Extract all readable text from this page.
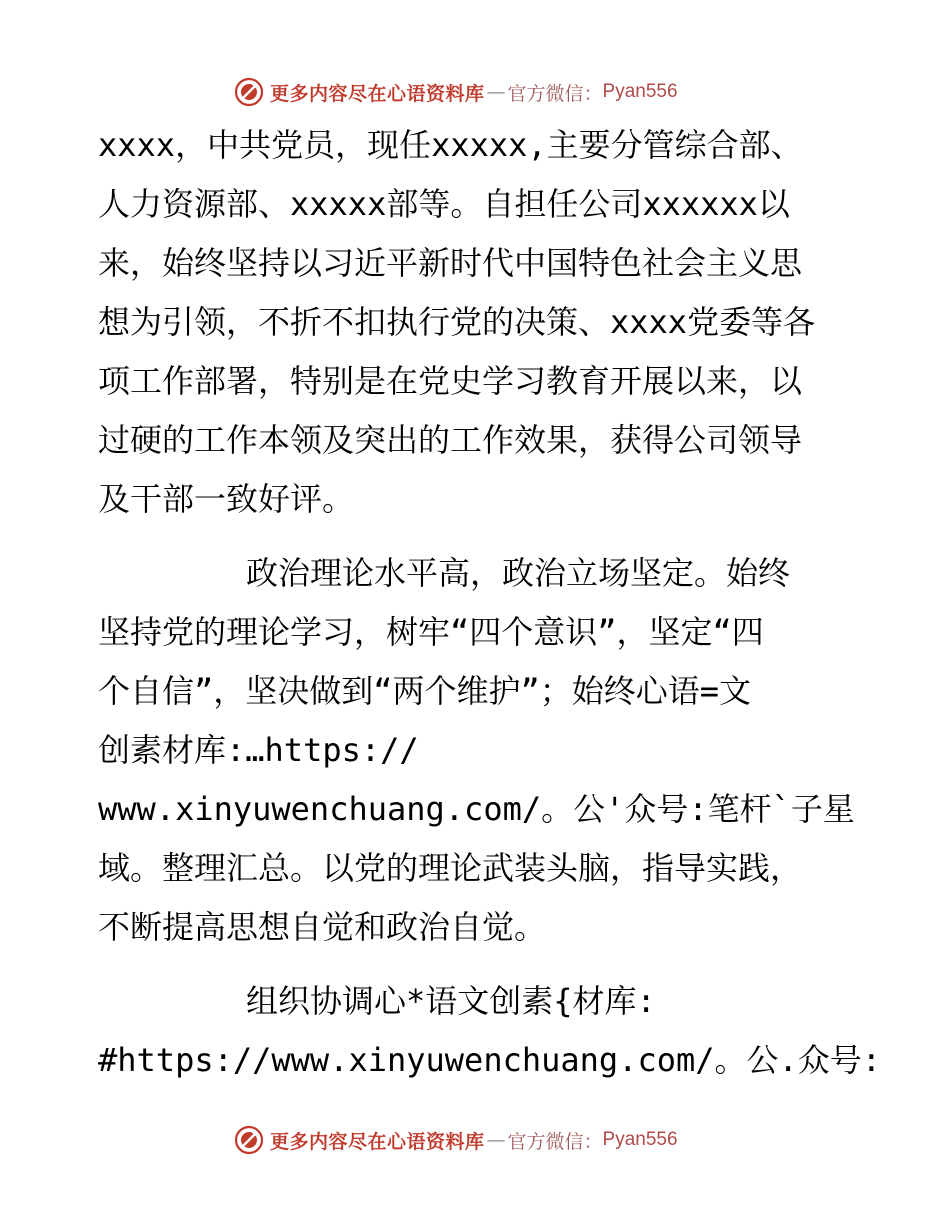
更多内容尽在心语资料库 — 官方微信： Pyan556
xxxx，中共党员，现任xxxxx,主要分管综合部、
人力资源部、xxxxx部等。自担任公司xxxxxx以
来，始终坚持以习近平新时代中国特色社会主义思
想为引领，不折不扣执行党的决策、xxxx党委等各
项工作部署，特别是在党史学习教育开展以来，以
过硬的工作本领及突出的工作效果，获得公司领导
及干部一致好评。
政治理论水平高，政治立场坚定。始终
坚持党的理论学习，树牢“四个意识”，坚定“四
个自信”，坚决做到“两个维护”；始终心语=文
创素材库:…https://
www.xinyuwenchuang.com/。公'众号:笔杆`子星
域。整理汇总。以党的理论武装头脑，指导实践，
不断提高思想自觉和政治自觉。
组织协调心*语文创素{材库:
#https://www.xinyuwenchuang.com/。公.众号:
更多内容尽在心语资料库 — 官方微信： Pyan556
